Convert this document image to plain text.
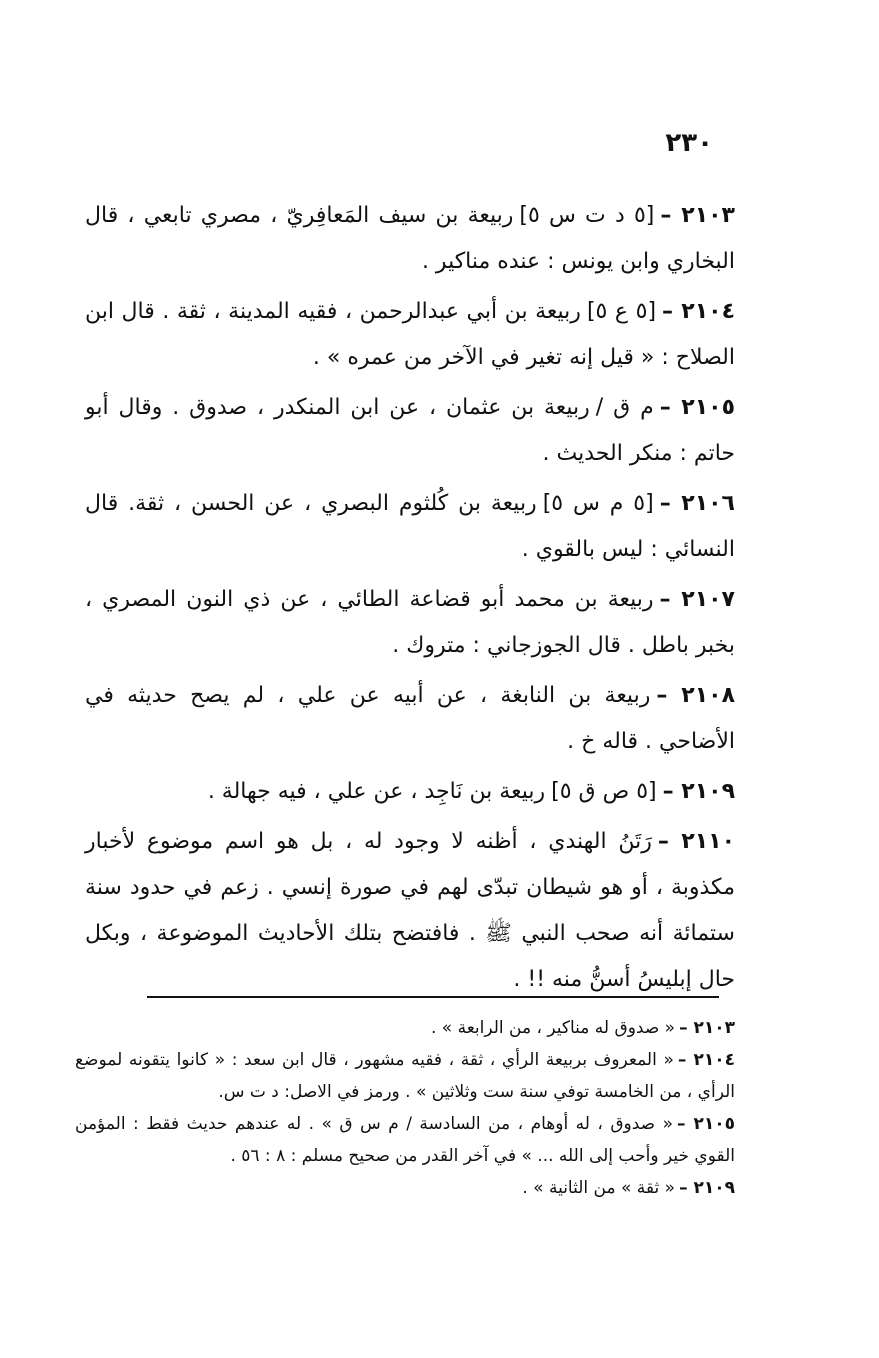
٢٣٠

٢١٠٣ –[٥ د ت س ٥]ربيعة بن سيف المَعافِريّ ، مصري تابعي ، قال البخاري وابن يونس : عنده مناكير .

٢١٠٤ –[٥ ع ٥]ربيعة بن أبي عبدالرحمن ، فقيه المدينة ، ثقة . قال ابن الصلاح : « قيل إنه تغير في الآخر من عمره » .

٢١٠٥ –م ق /ربيعة بن عثمان ، عن ابن المنكدر ، صدوق . وقال أبو حاتم : منكر الحديث .

٢١٠٦ –[٥ م س ٥]ربيعة بن كُلثوم البصري ، عن الحسن ، ثقة. قال النسائي : ليس بالقوي .

٢١٠٧ –ربيعة بن محمد أبو قضاعة الطائي ، عن ذي النون المصري ، بخبر باطل . قال الجوزجاني : متروك .

٢١٠٨ –ربيعة بن النابغة ، عن أبيه عن علي ، لم يصح حديثه في الأضاحي . قاله خ .

٢١٠٩ –[٥ ص ق ٥]ربيعة بن نَاجِد ، عن علي ، فيه جهالة .

٢١١٠ –رَتَنُ الهندي ، أظنه لا وجود له ، بل هو اسم موضوع لأخبار مكذوبة ، أو هو شيطان تبدّى لهم في صورة إنسي . زعم في حدود سنة ستمائة أنه صحب النبي ﷺ . فافتضح بتلك الأحاديث الموضوعة ، وبكل حال إبليسُ أسنُّ منه !! .

٢١٠٣ –« صدوق له مناكير ، من الرابعة » .

٢١٠٤ –« المعروف بربيعة الرأي ، ثقة ، فقيه مشهور ، قال ابن سعد : « كانوا يتقونه لموضع الرأي ، من الخامسة توفي سنة ست وثلاثين » . ورمز في الاصل: د ت س.

٢١٠٥ –« صدوق ، له أوهام ، من السادسة / م س ق » . له عندهم حديث فقط : المؤمن القوي خير وأحب إلى الله ... » في آخر القدر من صحيح مسلم : ٨ : ٥٦ .

٢١٠٩ –« ثقة » من الثانية » .
